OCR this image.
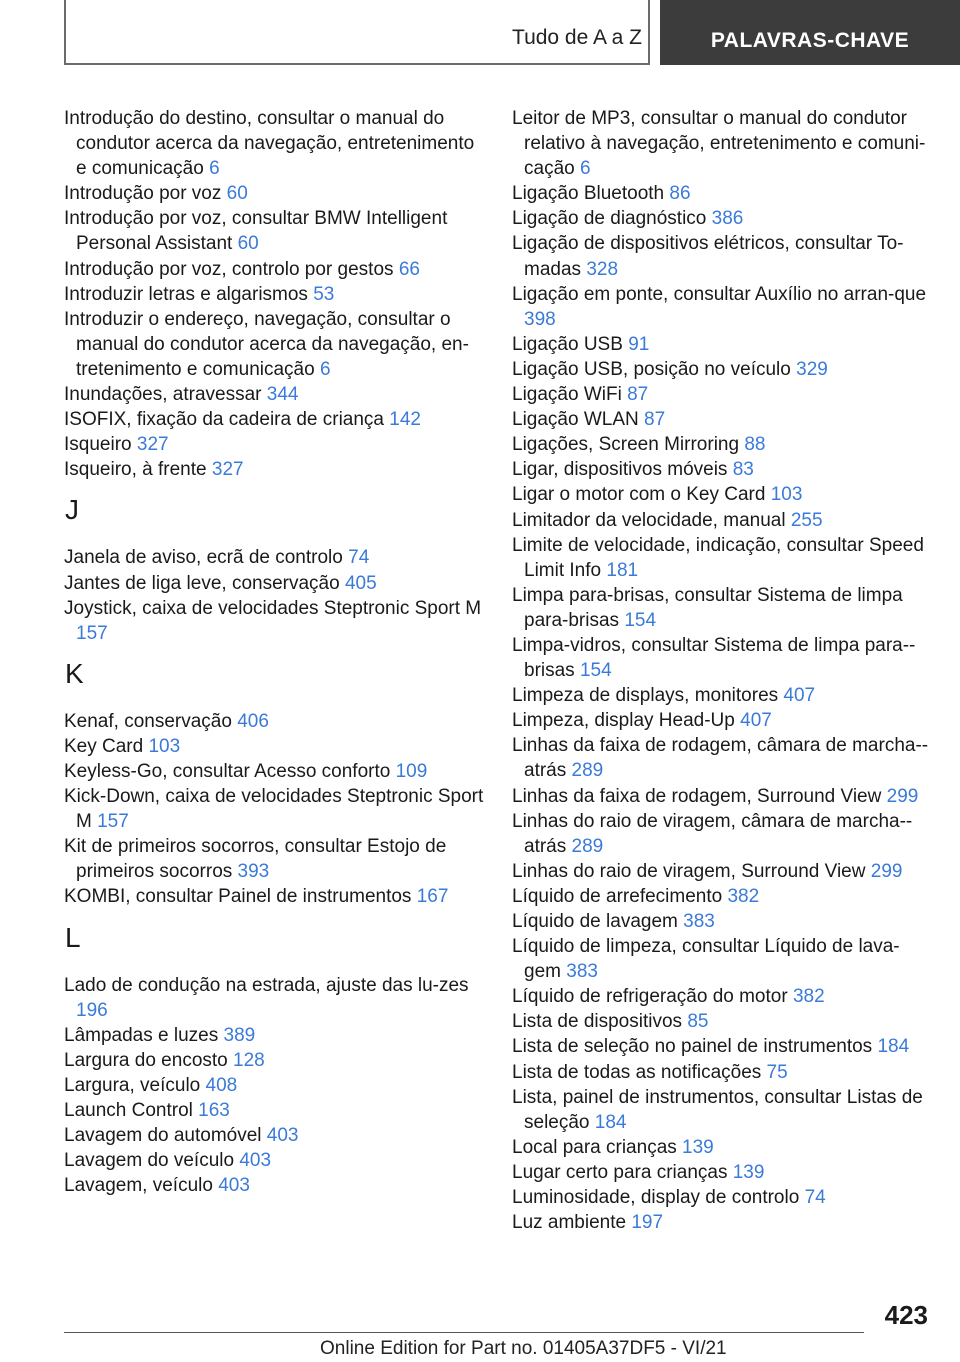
Tudo de A a Z	PALAVRAS-CHAVE

Introdução do destino, consultar o manual do condutor acerca da navegação, entretenimento e comunicação 6

Introdução por voz 60

Introdução por voz, consultar BMW Intelligent Personal Assistant 60

Introdução por voz, controlo por gestos 66

Introduzir letras e algarismos 53

Introduzir o endereço, navegação, consultar o manual do condutor acerca da navegação, en-tretenimento e comunicação 6

Inundações, atravessar 344

ISOFIX, fixação da cadeira de criança 142

Isqueiro 327

Isqueiro, à frente 327

J

Janela de aviso, ecrã de controlo 74

Jantes de liga leve, conservação 405

Joystick, caixa de velocidades Steptronic Sport M 157

K

Kenaf, conservação 406

Key Card 103

Keyless-Go, consultar Acesso conforto 109

Kick-Down, caixa de velocidades Steptronic Sport M 157

Kit de primeiros socorros, consultar Estojo de primeiros socorros 393

KOMBI, consultar Painel de instrumentos 167

L

Lado de condução na estrada, ajuste das lu-zes 196

Lâmpadas e luzes 389

Largura do encosto 128

Largura, veículo 408

Launch Control 163

Lavagem do automóvel 403

Lavagem do veículo 403

Lavagem, veículo 403

Leitor de MP3, consultar o manual do condutor relativo à navegação, entretenimento e comuni-cação 6

Ligação Bluetooth 86

Ligação de diagnóstico 386

Ligação de dispositivos elétricos, consultar To-madas 328

Ligação em ponte, consultar Auxílio no arran-que 398

Ligação USB 91

Ligação USB, posição no veículo 329

Ligação WiFi 87

Ligação WLAN 87

Ligações, Screen Mirroring 88

Ligar, dispositivos móveis 83

Ligar o motor com o Key Card 103

Limitador da velocidade, manual 255

Limite de velocidade, indicação, consultar Speed Limit Info 181

Limpa para-brisas, consultar Sistema de limpa para-brisas 154

Limpa-vidros, consultar Sistema de limpa para--brisas 154

Limpeza de displays, monitores 407

Limpeza, display Head-Up 407

Linhas da faixa de rodagem, câmara de marcha--atrás 289

Linhas da faixa de rodagem, Surround View 299

Linhas do raio de viragem, câmara de marcha--atrás 289

Linhas do raio de viragem, Surround View 299

Líquido de arrefecimento 382

Líquido de lavagem 383

Líquido de limpeza, consultar Líquido de lava-gem 383

Líquido de refrigeração do motor 382

Lista de dispositivos 85

Lista de seleção no painel de instrumentos 184

Lista de todas as notificações 75

Lista, painel de instrumentos, consultar Listas de seleção 184

Local para crianças 139

Lugar certo para crianças 139

Luminosidade, display de controlo 74

Luz ambiente 197

423
Online Edition for Part no. 01405A37DF5 - VI/21
